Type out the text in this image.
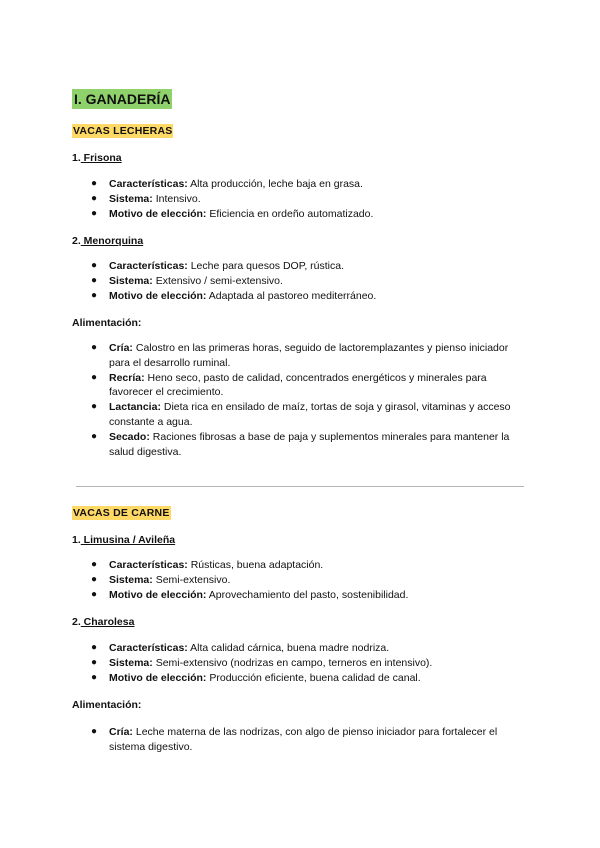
I. GANADERÍA
VACAS LECHERAS
1. Frisona
● Características: Alta producción, leche baja en grasa.
● Sistema: Intensivo.
● Motivo de elección: Eficiencia en ordeño automatizado.
2. Menorquina
● Características: Leche para quesos DOP, rústica.
● Sistema: Extensivo / semi-extensivo.
● Motivo de elección: Adaptada al pastoreo mediterráneo.
Alimentación:
● Cría: Calostro en las primeras horas, seguido de lactoremplazantes y pienso iniciador para el desarrollo ruminal.
● Recría: Heno seco, pasto de calidad, concentrados energéticos y minerales para favorecer el crecimiento.
● Lactancia: Dieta rica en ensilado de maíz, tortas de soja y girasol, vitaminas y acceso constante a agua.
● Secado: Raciones fibrosas a base de paja y suplementos minerales para mantener la salud digestiva.
VACAS DE CARNE
1. Limusina / Avileña
● Características: Rústicas, buena adaptación.
● Sistema: Semi-extensivo.
● Motivo de elección: Aprovechamiento del pasto, sostenibilidad.
2. Charolesa
● Características: Alta calidad cárnica, buena madre nodriza.
● Sistema: Semi-extensivo (nodrizas en campo, terneros en intensivo).
● Motivo de elección: Producción eficiente, buena calidad de canal.
Alimentación:
● Cría: Leche materna de las nodrizas, con algo de pienso iniciador para fortalecer el sistema digestivo.
